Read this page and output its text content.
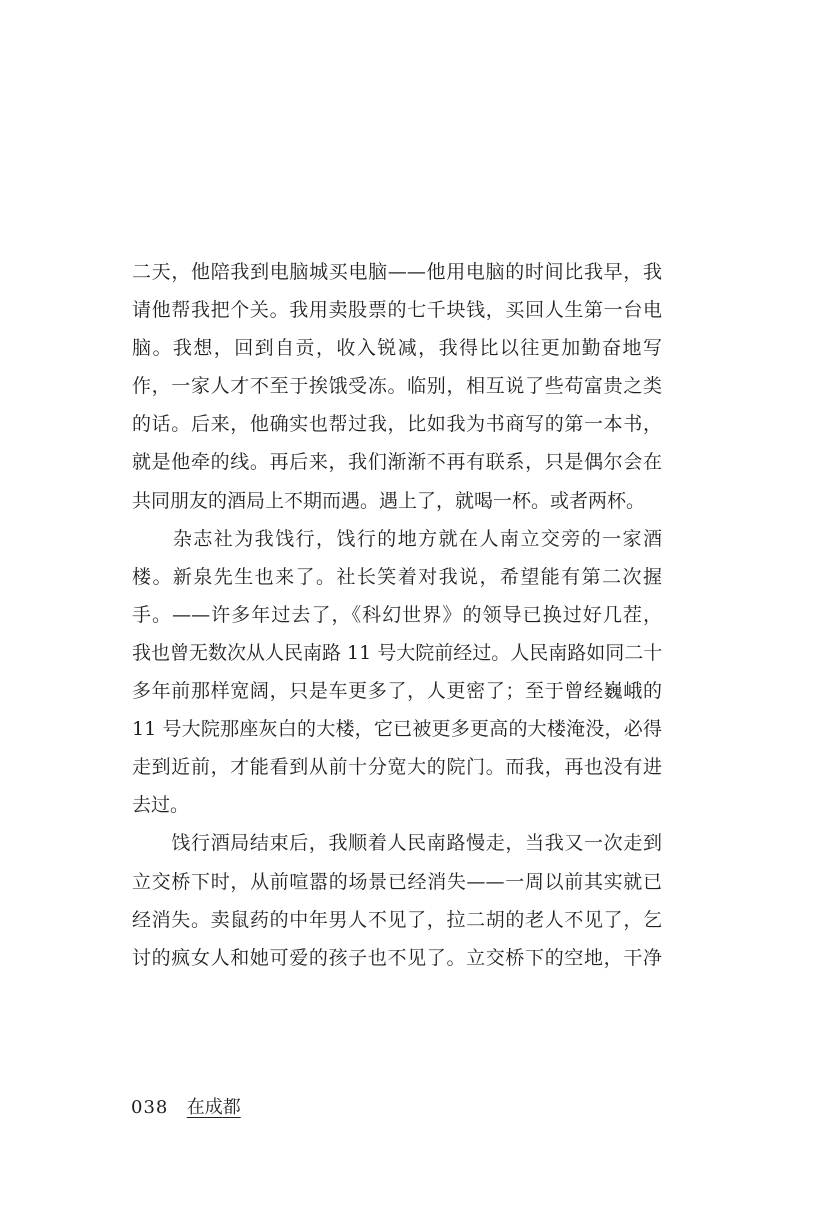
二天，他陪我到电脑城买电脑——他用电脑的时间比我早，我
请他帮我把个关。我用卖股票的七千块钱，买回人生第一台电
脑。我想，回到自贡，收入锐减，我得比以往更加勤奋地写
作，一家人才不至于挨饿受冻。临别，相互说了些苟富贵之类
的话。后来，他确实也帮过我，比如我为书商写的第一本书，
就是他牵的线。再后来，我们渐渐不再有联系，只是偶尔会在
共同朋友的酒局上不期而遇。遇上了，就喝一杯。或者两杯。
　　杂志社为我饯行，饯行的地方就在人南立交旁的一家酒
楼。新泉先生也来了。社长笑着对我说，希望能有第二次握
手。——许多年过去了，《科幻世界》的领导已换过好几茬，
我也曾无数次从人民南路 11 号大院前经过。人民南路如同二十
多年前那样宽阔，只是车更多了，人更密了；至于曾经巍峨的
11 号大院那座灰白的大楼，它已被更多更高的大楼淹没，必得
走到近前，才能看到从前十分宽大的院门。而我，再也没有进
去过。
　　饯行酒局结束后，我顺着人民南路慢走，当我又一次走到
立交桥下时，从前喧嚣的场景已经消失——一周以前其实就已
经消失。卖鼠药的中年男人不见了，拉二胡的老人不见了，乞
讨的疯女人和她可爱的孩子也不见了。立交桥下的空地，干净
038 在成都
